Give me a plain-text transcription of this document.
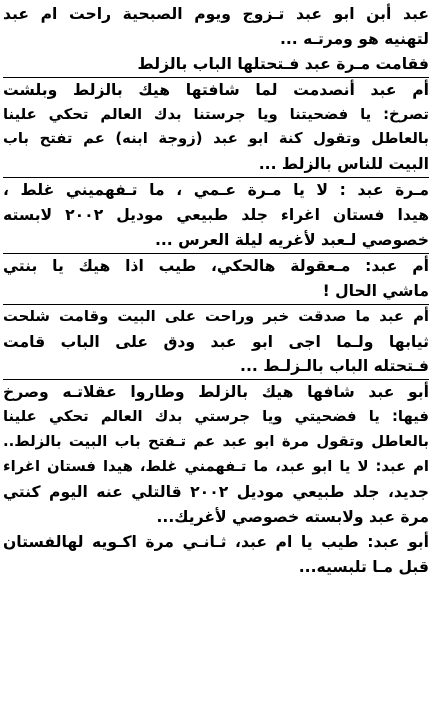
عبد أبن ابو عبد تـزوج ويوم الصبحية راحت ام عبد
لتهنيه هو ومرتـه ...
فقامت مـرة عبد فـتحتلها الباب بالزلط
أم عبد أنصدمت لما شافتها هيك بالزلط وبلشت
تصرخ: يا فضحيتنا ويا جرستنا بدك العالم تحكي علينا
بالعاطل وتقول كنة ابو عبد (زوجة ابنه) عم تفتح باب
البيت للناس بالزلط ...
مـرة عبد : لا يا مـرة عـمي ، ما تـفهميني غلط ،
هيدا فستان اغراء جلد طبيعي موديل ٢٠٠٢ لابسته
خصوصي لـعبد لأغريه ليلة العرس ...
أم عبد: مـعقولة هالحكي، طيب اذا هيك يا بنتي
ماشي الحال !
أم عبد ما صدقت خبر وراحت على البيت وقامت شلحت
ثيابها ولـما اجى ابو عبد ودق على الباب قامت
فـتحتله الباب بالـزلـط ...
أبو عبد شافها هيك بالزلط وطاروا عقلاتـه وصرخ
فيها: يا فضحيتي ويا جرستي بدك العالم تحكي علينا
بالعاطل وتقول مرة ابو عبد عم تـفتح باب البيت بالزلط..
ام عبد: لا يا ابو عبد، ما تـفهمني غلط، هيدا فستان اغراء
جديد، جلد طبيعي موديل ٢٠٠٢ قالتلي عنه اليوم كنتي
مرة عبد ولابسته خصوصي لأغريك...
أبو عبد: طيب يا ام عبد، ثـانـي مرة اكـويه لهالفستان
قبل مـا تلبسيه...
